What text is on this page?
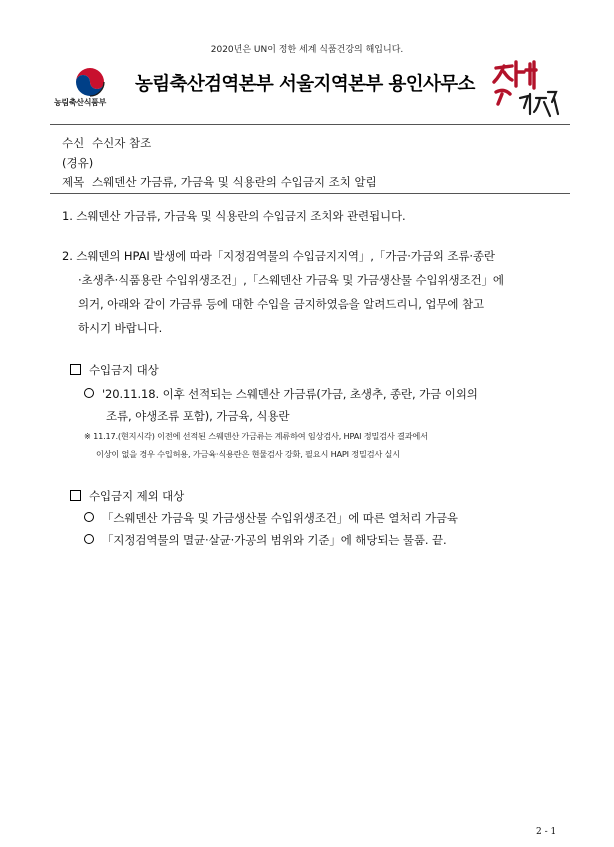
2020년은 UN이 정한 세계 식품건강의 해입니다.
농림축산식품부
농림축산검역본부 서울지역본부 용인사무소
수신 수신자 참조
(경유)
제목 스웨덴산 가금류, 가금육 및 식용란의 수입금지 조치 알림
1. 스웨덴산 가금류, 가금육 및 식용란의 수입금지 조치와 관련됩니다.
2. 스웨덴의 HPAI 발생에 따라「지정검역물의 수입금지지역」,「가금·가금외 조류·종란
·초생추·식품용란 수입위생조건」,「스웨덴산 가금육 및 가금생산물 수입위생조건」에
의거, 아래와 같이 가금류 등에 대한 수입을 금지하였음을 알려드리니, 업무에 참고
하시기 바랍니다.
수입금지 대상
'20.11.18. 이후 선적되는 스웨덴산 가금류(가금, 초생추, 종란, 가금 이외의
조류, 야생조류 포함), 가금육, 식용란
※ 11.17.(현지시각) 이전에 선적된 스웨덴산 가금류는 계류하여 임상검사, HPAI 정밀검사 결과에서
이상이 없을 경우 수입허용, 가금육·식용란은 현물검사 강화, 필요시 HAPI 정밀검사 실시
수입금지 제외 대상
「스웨덴산 가금육 및 가금생산물 수입위생조건」에 따른 열처리 가금육
「지정검역물의 멸균·살균·가공의 범위와 기준」에 해당되는 물품. 끝.
2 - 1
